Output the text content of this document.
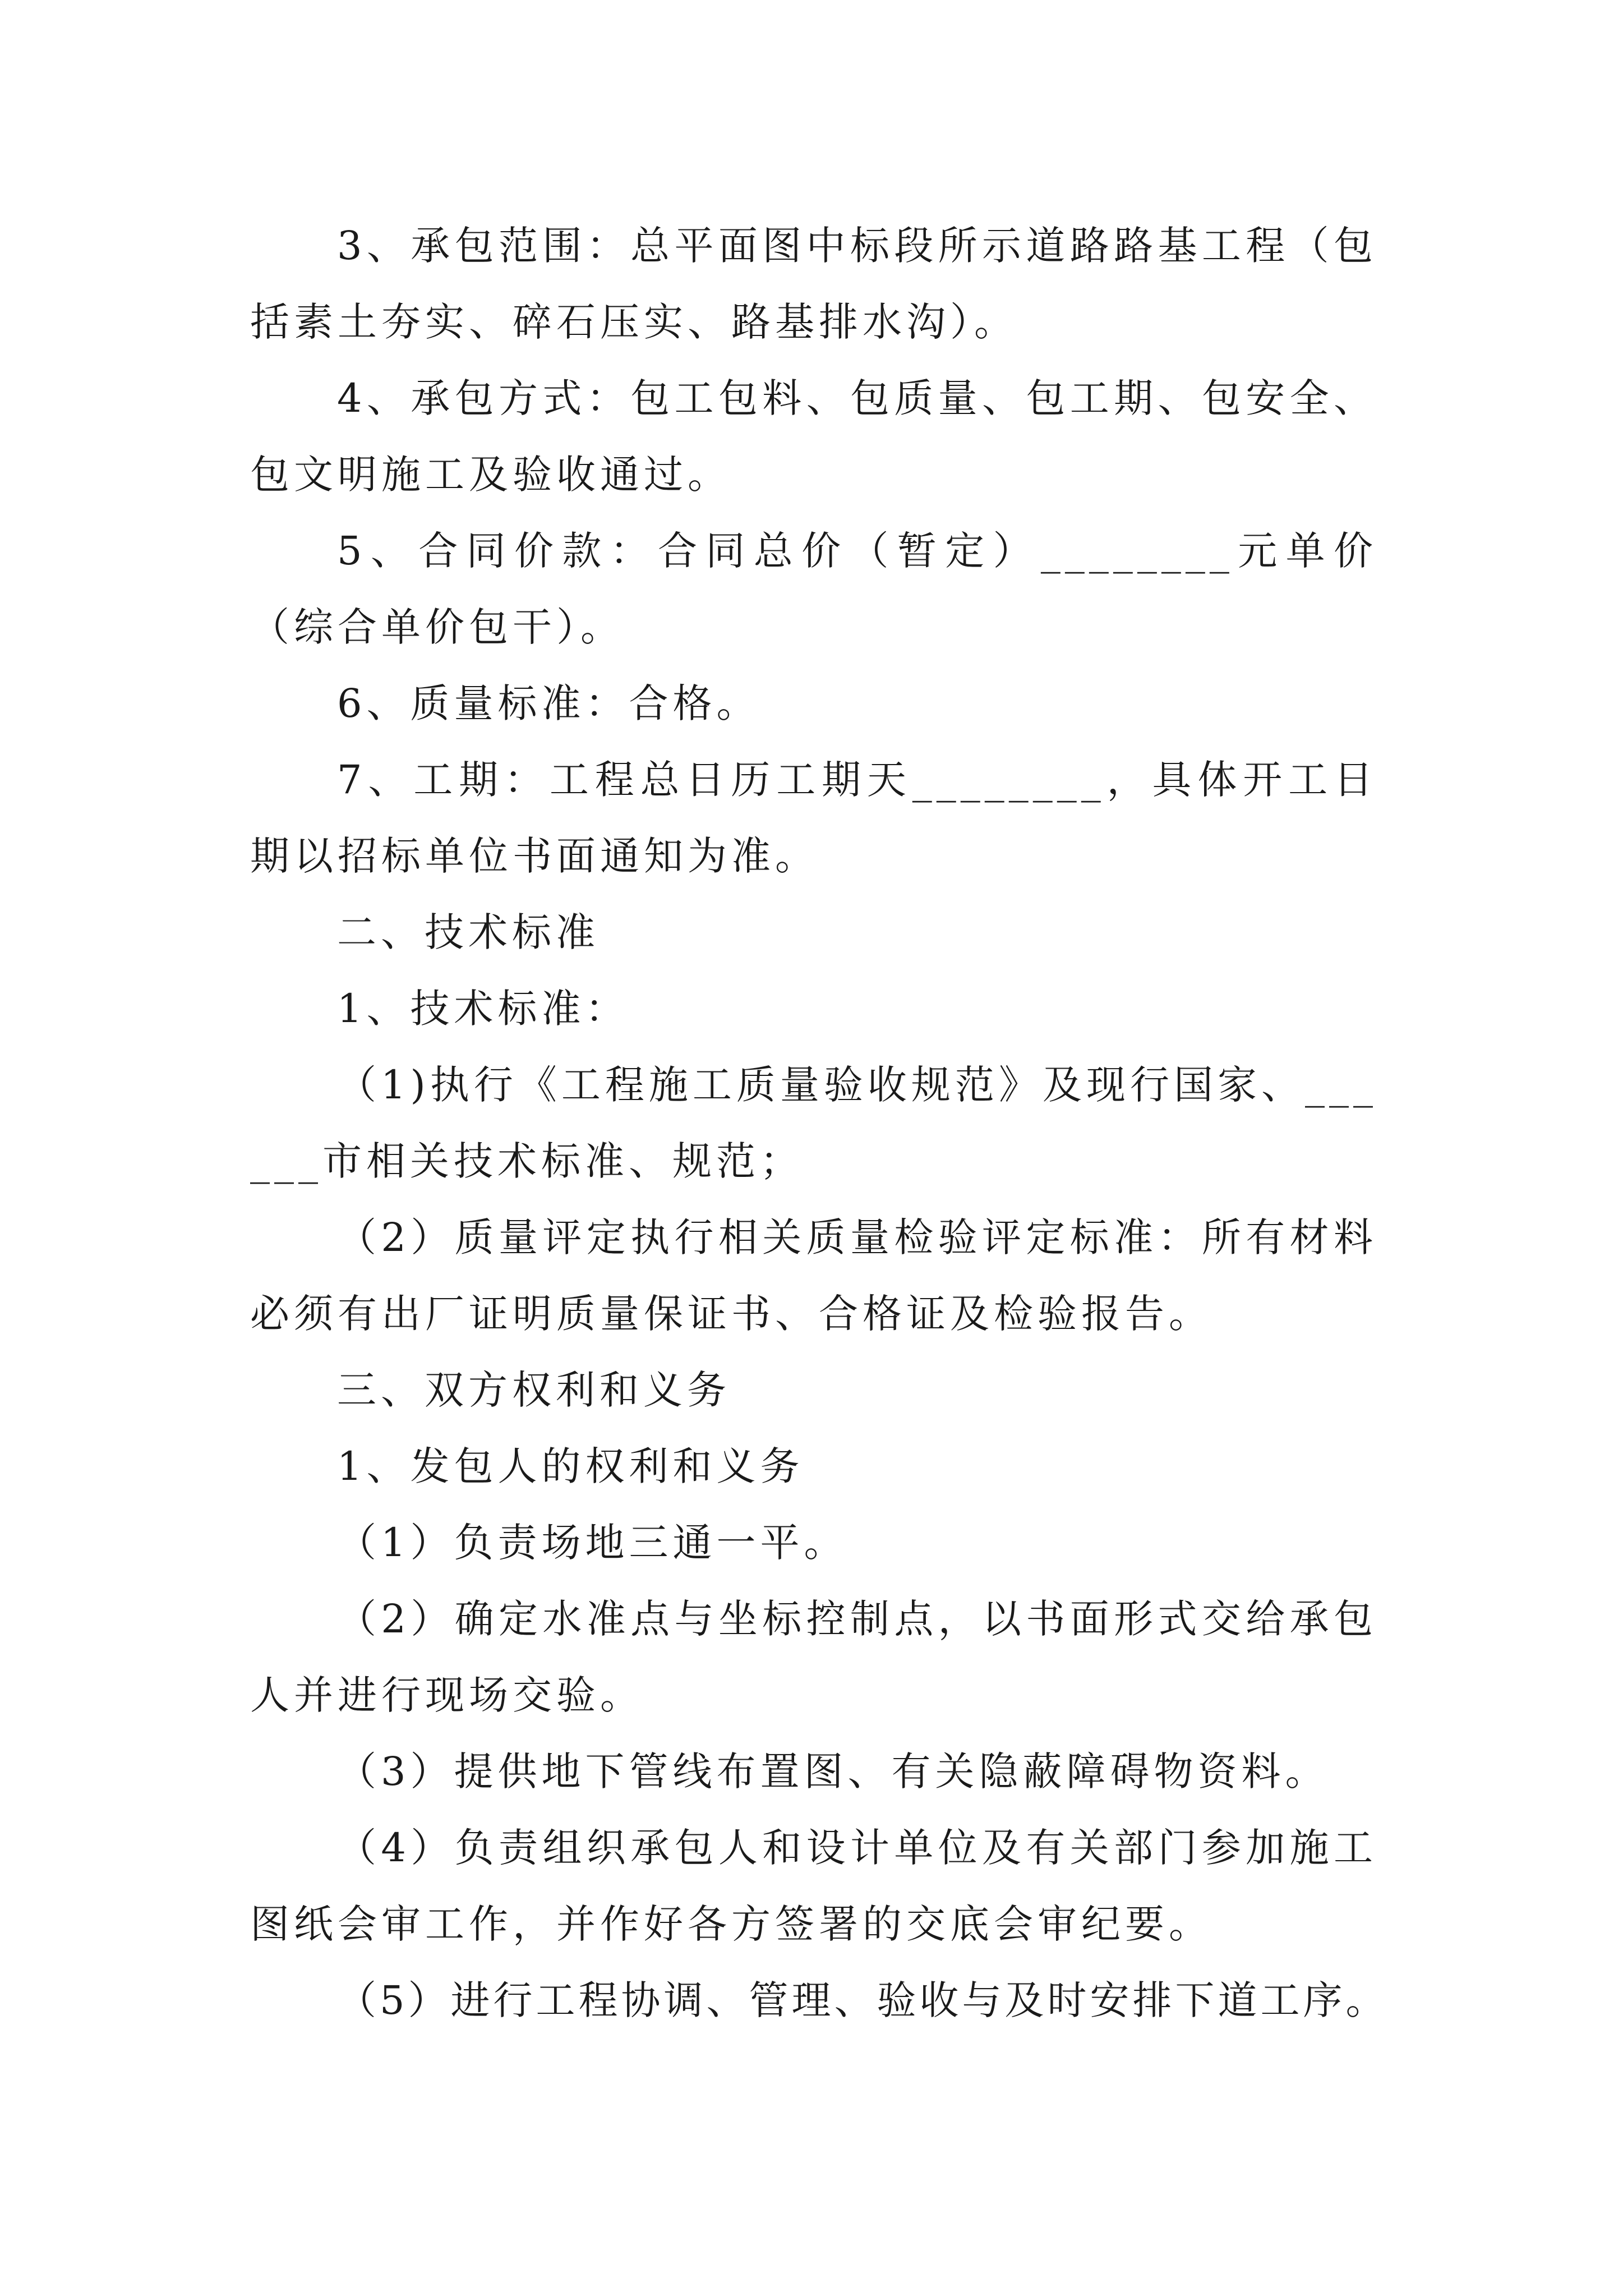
3、承包范围：总平面图中标段所示道路路基工程（包括素土夯实、碎石压实、路基排水沟）。

4、承包方式：包工包料、包质量、包工期、包安全、包文明施工及验收通过。

5、合同价款：合同总价（暂定）________元单价（综合单价包干）。

6、质量标准：合格。

7、工期：工程总日历工期天________，具体开工日期以招标单位书面通知为准。

二、技术标准

1、技术标准：

（1)执行《工程施工质量验收规范》及现行国家、______市相关技术标准、规范；

（2）质量评定执行相关质量检验评定标准：所有材料必须有出厂证明质量保证书、合格证及检验报告。

三、双方权利和义务

1、发包人的权利和义务

（1）负责场地三通一平。

（2）确定水准点与坐标控制点，以书面形式交给承包人并进行现场交验。

（3）提供地下管线布置图、有关隐蔽障碍物资料。

（4）负责组织承包人和设计单位及有关部门参加施工图纸会审工作，并作好各方签署的交底会审纪要。

（5）进行工程协调、管理、验收与及时安排下道工序。
